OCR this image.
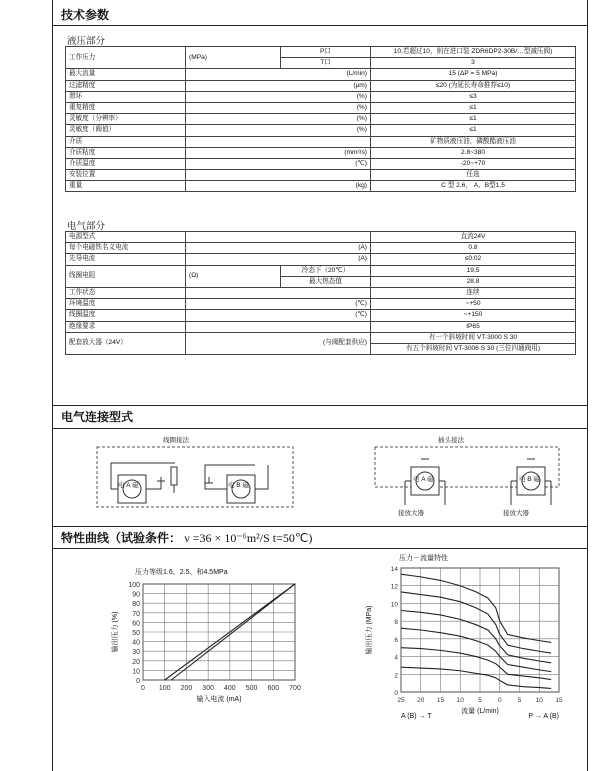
技术参数
液压部分
工作压力	(MPa)	P口	10,若超过10，则在进口装 ZDR6DP2-30B/…型减压阀)
		T口	3
最大流量	(L/min)		15 (ΔP = 5 MPa)
过滤精度	(μm)		≤20 (为延长寿命推荐≤10)
滞环	(%)		≤3
重复精度	(%)		≤1
灵敏度（分辨率）	(%)		≤1
灵敏度（阀值）	(%)		≤1
介质			矿物质液压油，磷酸酯液压油
介质粘度	(mm²/s)		2.8~380
介质温度	(℃)		-20~+70
安装位置			任选
重量	(kg)		C 型 2.6， A、B型1.5
电气部分
电源型式			直流24V
每个电磁铁名义电流	(A)		0.8
先导电流	(A)		≤0.02
线圈电阻	(Ω)	冷态下（20℃）	19.5
		最大热态值	28.8
工作状态			连续
环境温度	(℃)		~+50
线圈温度	(℃)		~+150
绝缘要求			IP65
配套放大器（24V）	(与阀配套供应)		有一个斜坡时间 VT-3000 S 30
			有五个斜坡时间 VT-3006 S 30 (三位四通阀用)
电气连接型式
线圈接法	插头接法
电 A 磁	电 B 磁
电 A 磁	电 B 磁
接放大器	接放大器
特性曲线（试验条件： ν =36 × 10⁻⁶m²/S t=50℃)
0 100 200 300 400 500 600 700
0
10
20
30
40
50
60
70
80
90
100
压力等级1.6、2.5、和4.5MPa
输入电流 (mA)
输出压力 (%)
25 20 15 10 5 0 5 10 15
0
2
4
6
8
10
12
14
压力－流量特性
流量 (L/min)
输出压力 (MPa)
A (B) → T	P → A (B)
